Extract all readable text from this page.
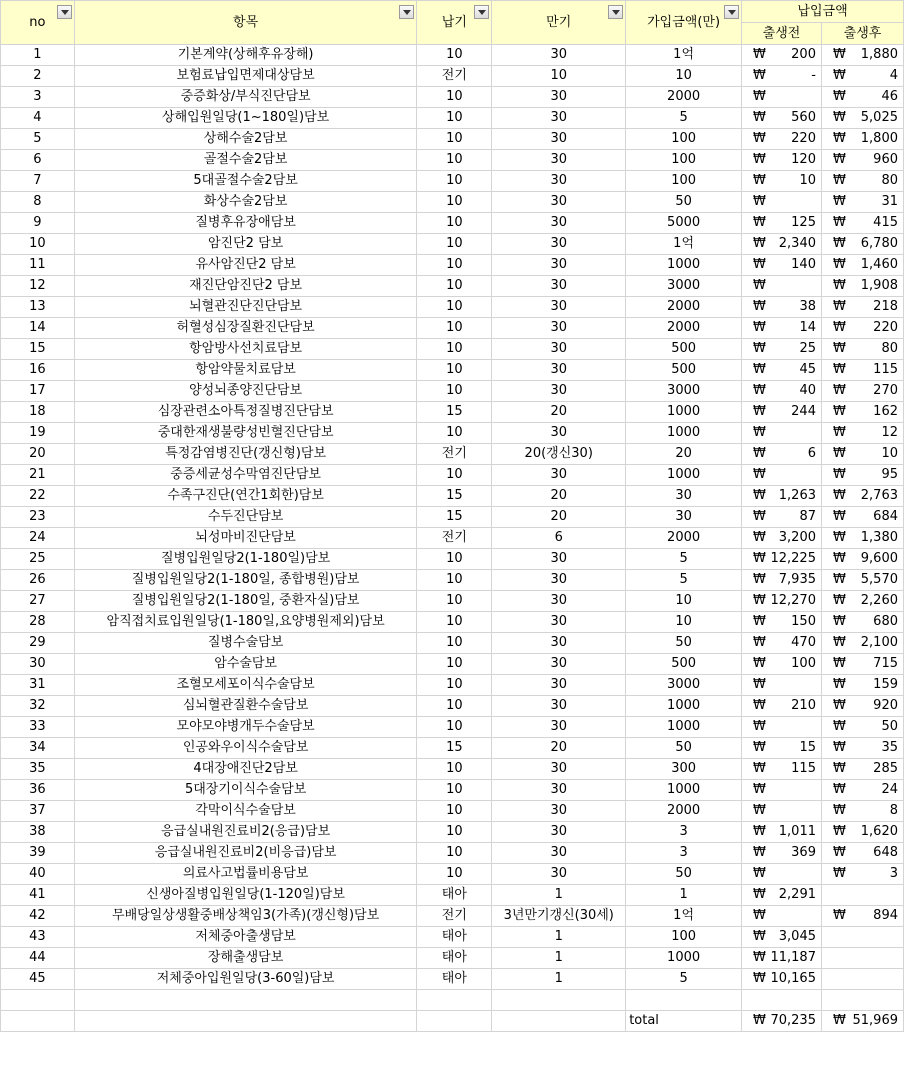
no	항목	납기	만기	가입금액(만)	납입금액	
					출생전	출생후
1	기본계약(상해후유장해)	10	30	1억	₩ 200	₩ 1,880

2	보험료납입면제대상담보	전기	10	10	₩ -	₩ 4

3	중증화상/부식진단담보	10	30	2000	₩	₩ 46

4	상해입원일당(1~180일)담보	10	30	5	₩ 560	₩ 5,025

5	상해수술2담보	10	30	100	₩ 220	₩ 1,800

6	골절수술2담보	10	30	100	₩ 120	₩ 960

7	5대골절수술2담보	10	30	100	₩ 10	₩ 80

8	화상수술2담보	10	30	50	₩	₩ 31

9	질병후유장애담보	10	30	5000	₩ 125	₩ 415

10	암진단2 담보	10	30	1억	₩ 2,340	₩ 6,780

11	유사암진단2 담보	10	30	1000	₩ 140	₩ 1,460

12	재진단암진단2 담보	10	30	3000	₩	₩ 1,908

13	뇌혈관진단진단담보	10	30	2000	₩ 38	₩ 218

14	허혈성심장질환진단담보	10	30	2000	₩ 14	₩ 220

15	항암방사선치료담보	10	30	500	₩ 25	₩ 80

16	항암약물치료담보	10	30	500	₩ 45	₩ 115

17	양성뇌종양진단담보	10	30	3000	₩ 40	₩ 270

18	심장관련소아특정질병진단담보	15	20	1000	₩ 244	₩ 162

19	중대한재생불량성빈혈진단담보	10	30	1000	₩	₩ 12

20	특정감염병진단(갱신형)담보	전기	20(갱신30)	20	₩ 6	₩ 10

21	중증세균성수막염진단담보	10	30	1000	₩	₩ 95

22	수족구진단(연간1회한)담보	15	20	30	₩ 1,263	₩ 2,763

23	수두진단담보	15	20	30	₩ 87	₩ 684

24	뇌성마비진단담보	전기	6	2000	₩ 3,200	₩ 1,380

25	질병입원일당2(1-180일)담보	10	30	5	₩ 12,225	₩ 9,600

26	질병입원일당2(1-180일, 종합병원)담보	10	30	5	₩ 7,935	₩ 5,570

27	질병입원일당2(1-180일, 중환자실)담보	10	30	10	₩ 12,270	₩ 2,260

28	암직접치료입원일당(1-180일,요양병원제외)담보	10	30	10	₩ 150	₩ 680

29	질병수술담보	10	30	50	₩ 470	₩ 2,100

30	암수술담보	10	30	500	₩ 100	₩ 715

31	조혈모세포이식수술담보	10	30	3000	₩	₩ 159

32	심뇌혈관질환수술담보	10	30	1000	₩ 210	₩ 920

33	모야모야병개두수술담보	10	30	1000	₩	₩ 50

34	인공와우이식수술담보	15	20	50	₩ 15	₩ 35

35	4대장애진단2담보	10	30	300	₩ 115	₩ 285

36	5대장기이식수술담보	10	30	1000	₩	₩ 24

37	각막이식수술담보	10	30	2000	₩	₩ 8

38	응급실내원진료비2(응급)담보	10	30	3	₩ 1,011	₩ 1,620

39	응급실내원진료비2(비응급)담보	10	30	3	₩ 369	₩ 648

40	의료사고법률비용담보	10	30	50	₩	₩ 3

41	신생아질병입원일당(1-120일)담보	태아	1	1	₩ 2,291	

42	무배당일상생활중배상책임3(가족)(갱신형)담보	전기	3년만기갱신(30세)	1억	₩	₩ 894

43	저체중아출생담보	태아	1	100	₩ 3,045	

44	장해출생담보	태아	1	1000	₩ 11,187	

45	저체중아입원일당(3-60일)담보	태아	1	5	₩ 10,165	

				total	₩ 70,235	₩ 51,969
